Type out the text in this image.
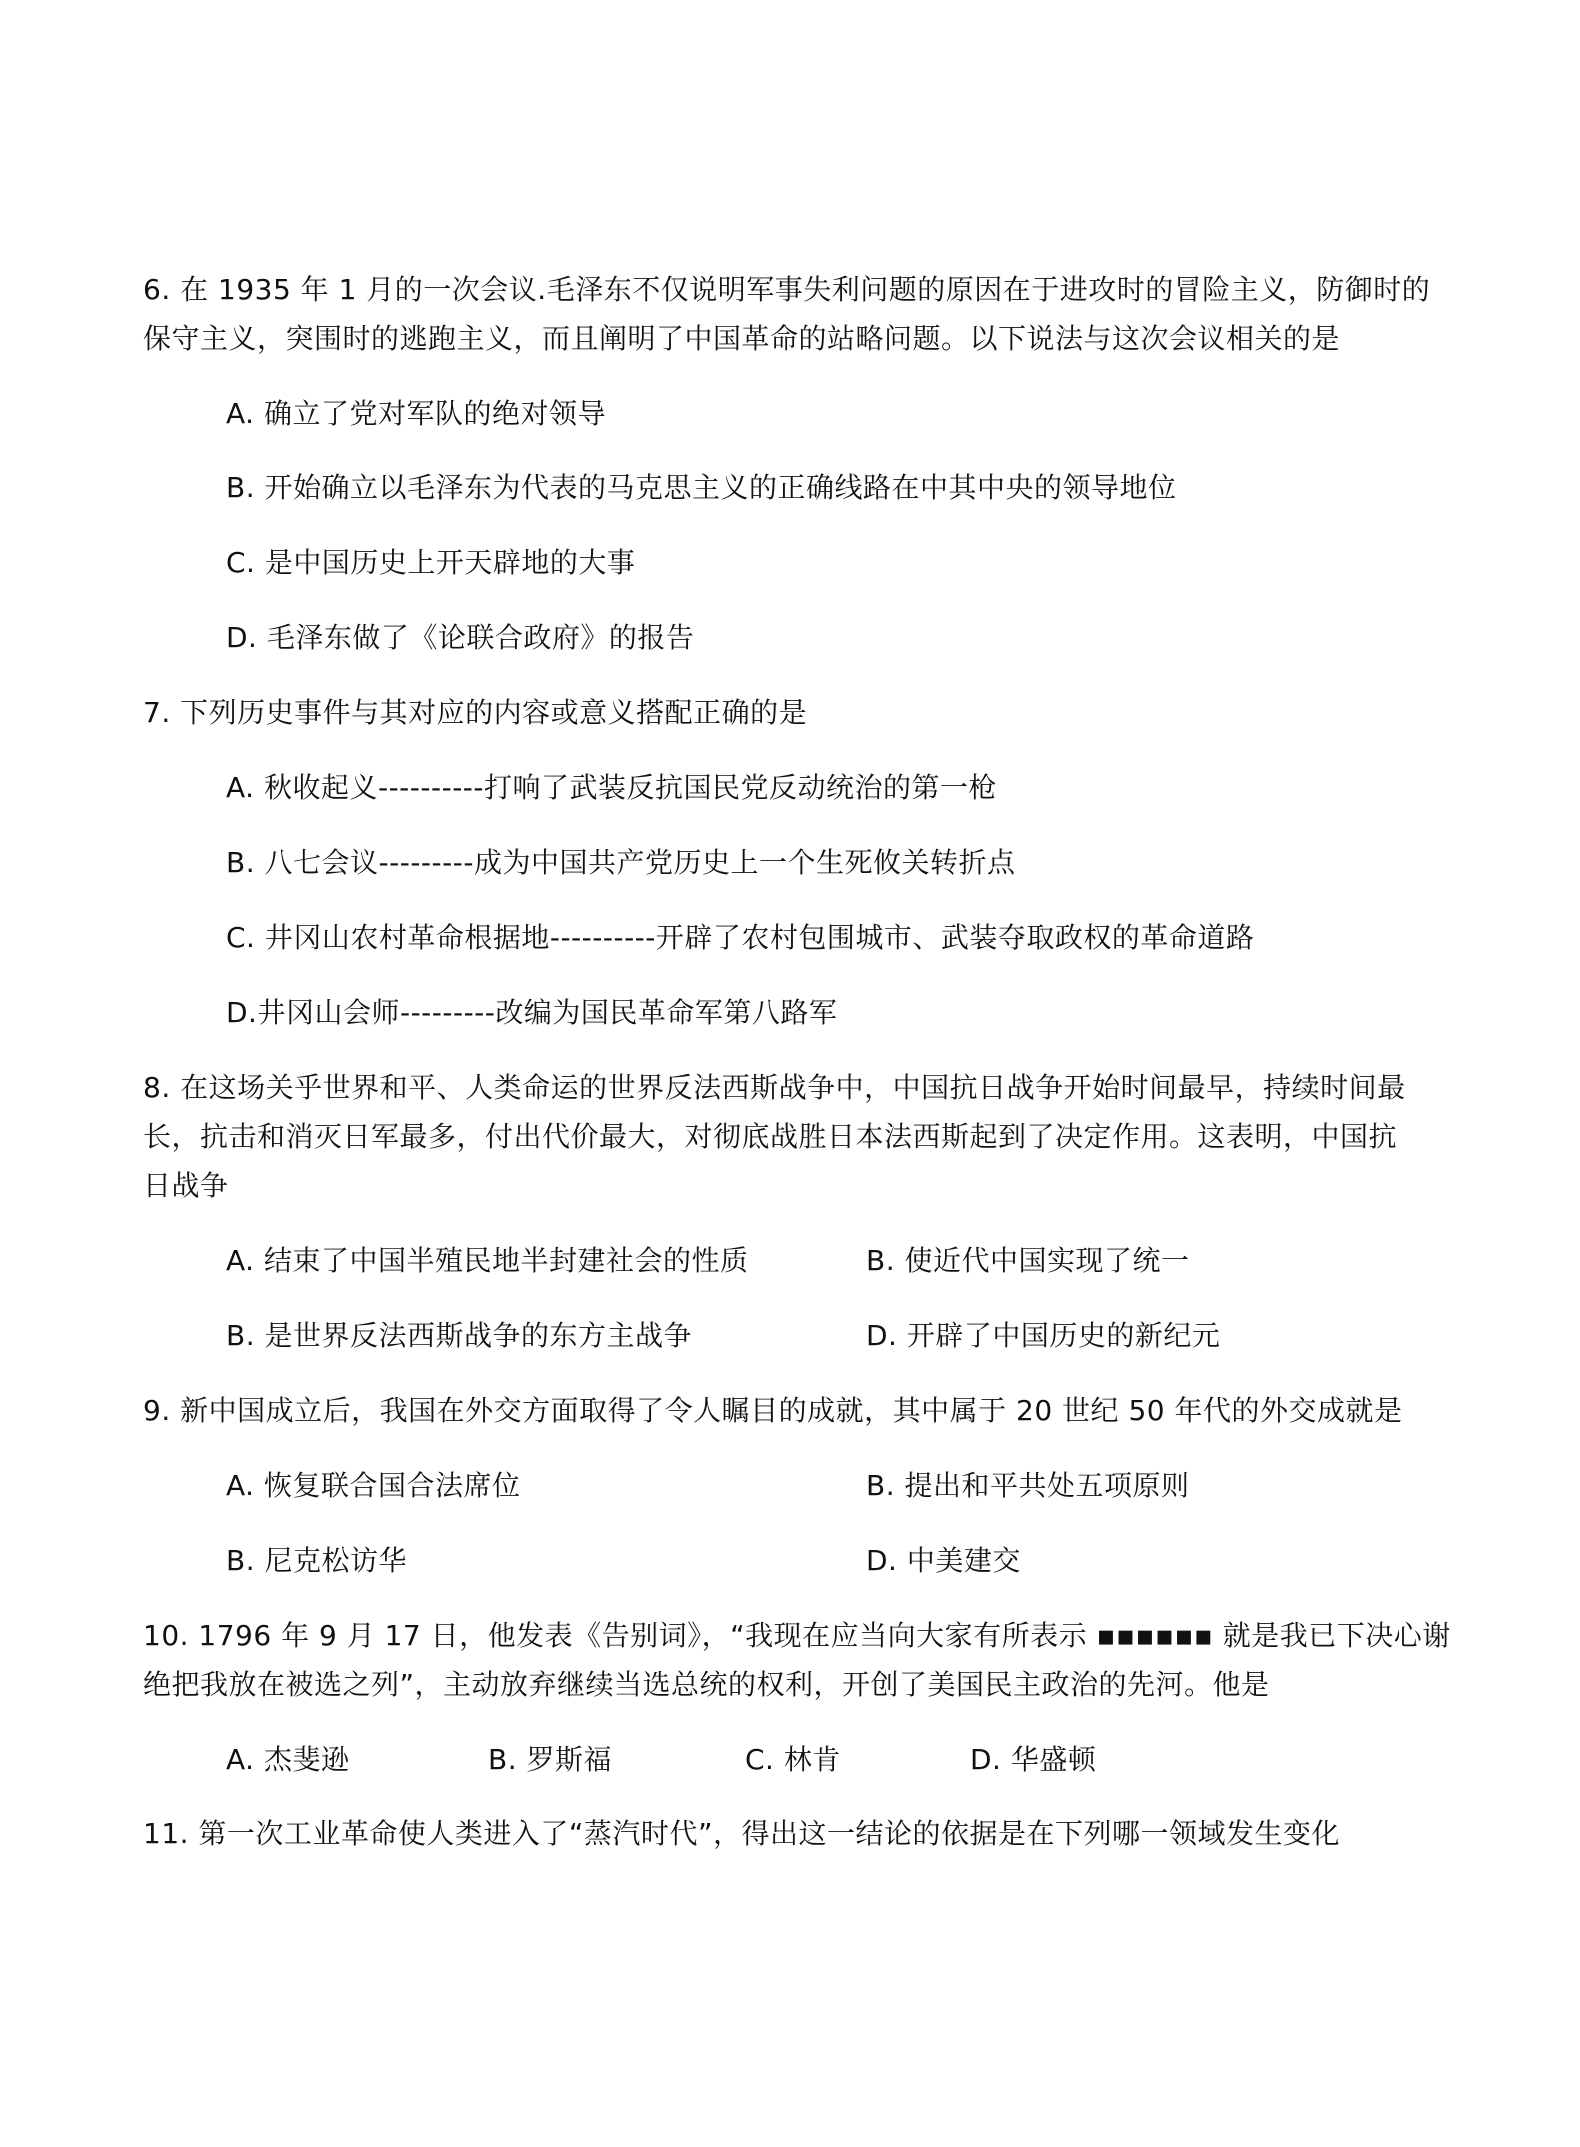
6. 在 1935 年 1 月的一次会议.毛泽东不仅说明军事失利问题的原因在于进攻时的冒险主义，防御时的
保守主义，突围时的逃跑主义，而且阐明了中国革命的站略问题。以下说法与这次会议相关的是
A. 确立了党对军队的绝对领导
B. 开始确立以毛泽东为代表的马克思主义的正确线路在中其中央的领导地位
C. 是中国历史上开天辟地的大事
D. 毛泽东做了《论联合政府》的报告
7. 下列历史事件与其对应的内容或意义搭配正确的是
A. 秋收起义----------打响了武装反抗国民党反动统治的第一枪
B. 八七会议---------成为中国共产党历史上一个生死攸关转折点
C. 井冈山农村革命根据地----------开辟了农村包围城市、武装夺取政权的革命道路
D.井冈山会师---------改编为国民革命军第八路军
8. 在这场关乎世界和平、人类命运的世界反法西斯战争中，中国抗日战争开始时间最早，持续时间最
长，抗击和消灭日军最多，付出代价最大，对彻底战胜日本法西斯起到了决定作用。这表明，中国抗
日战争
A. 结束了中国半殖民地半封建社会的性质	B. 使近代中国实现了统一
B. 是世界反法西斯战争的东方主战争	D. 开辟了中国历史的新纪元
9. 新中国成立后，我国在外交方面取得了令人瞩目的成就，其中属于 20 世纪 50 年代的外交成就是
A. 恢复联合国合法席位	B. 提出和平共处五项原则
B. 尼克松访华	D. 中美建交
10. 1796 年 9 月 17 日，他发表《告别词》，“我现在应当向大家有所表示 ▪▪▪▪▪▪ 就是我已下决心谢
绝把我放在被选之列”，主动放弃继续当选总统的权利，开创了美国民主政治的先河。他是
A. 杰斐逊	B. 罗斯福	C. 林肯	D. 华盛顿
11. 第一次工业革命使人类进入了“蒸汽时代”，得出这一结论的依据是在下列哪一领域发生变化
